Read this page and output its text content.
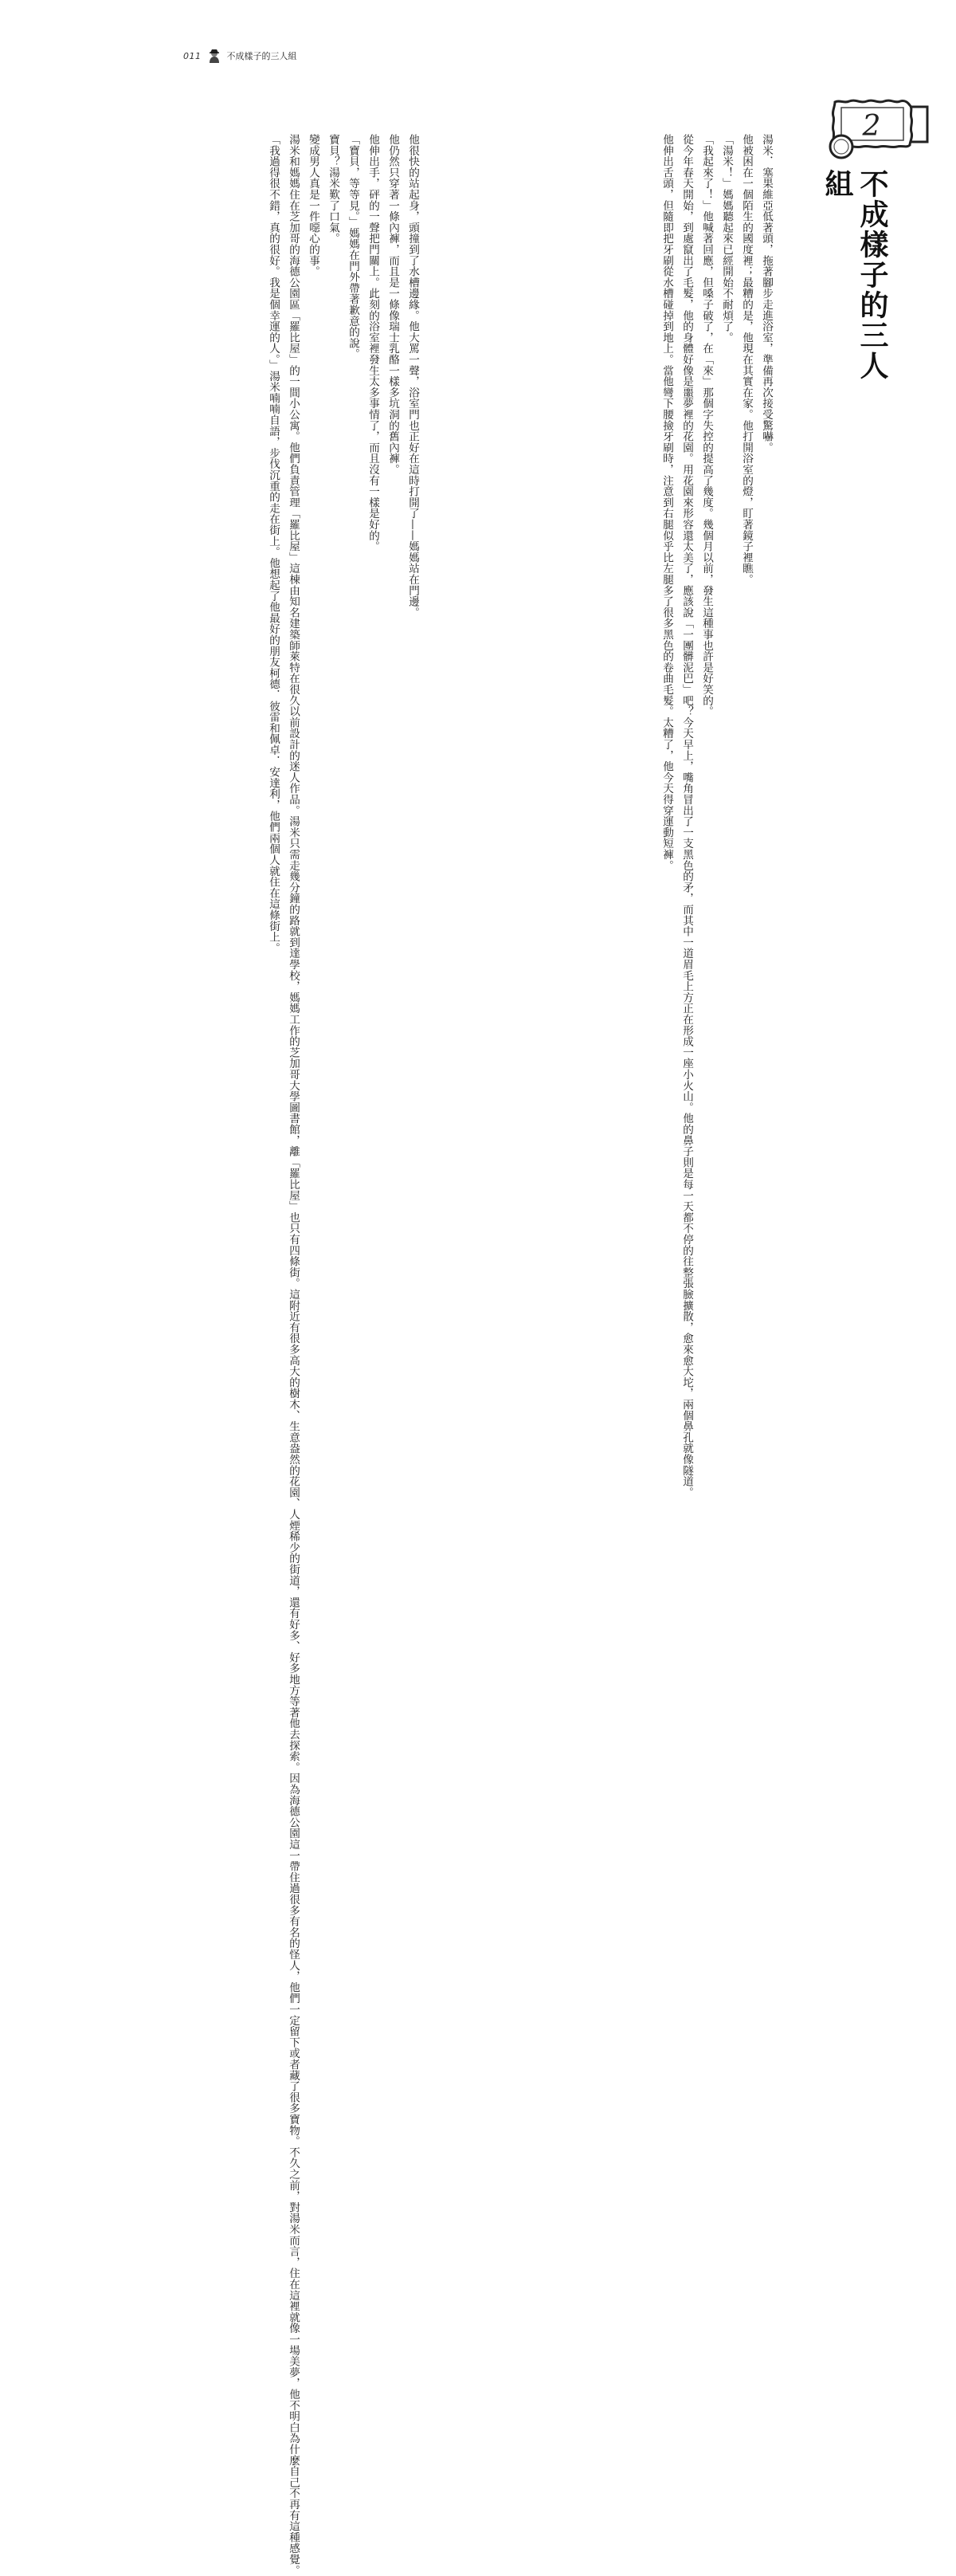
011	不成樣子的三人組

他很快的站起身，頭撞到了水槽邊緣。他大罵一聲，浴室門也正好在這時打開了——媽媽站在門邊。

他仍然只穿著一條內褲，而且是一條像瑞士乳酪一樣多坑洞的舊內褲。

他伸出手，砰的一聲把門關上。此刻的浴室裡發生太多事情了，而且沒有一樣是好的。

「寶貝，等等見。」媽媽在門外帶著歉意的說。

寶貝？湯米歎了口氣。

變成男人真是一件噁心的事。

湯米和媽媽住在芝加哥的海德公園區「羅比屋」的一間小公寓。他們負責管理「羅比屋」這棟由知名建築師萊特在很久以前設計的迷人作品。湯米只需走幾分鐘的路就到達學校，媽媽工作的芝加哥大學圖書館，離「羅比屋」也只有四條街。這附近有很多高大的樹木、生意盎然的花園、人煙稀少的街道，還有好多、好多地方等著他去探索。因為海德公園這一帶住過很多有名的怪人，他們一定留下或者藏了很多寶物。不久之前，對湯米而言，住在這裡就像一場美夢，他不明白為什麼自己不再有這種感覺。

「我過得很不錯，真的很好。我是個幸運的人。」湯米喃喃自語，步伐沉重的走在街上。他想起了他最好的朋友柯德．彼雷和佩卓．安達利，他們兩個人就住在這條街上。	湯米．塞果維亞低著頭，拖著腳步走進浴室，準備再次接受驚嚇。

他被困在一個陌生的國度裡；最糟的是，他現在其實在家。他打開浴室的燈，盯著鏡子裡瞧。

「湯米！」媽媽聽起來已經開始不耐煩了。

「我起來了！」他喊著回應，但嗓子破了，在「來」那個字失控的提高了幾度。幾個月以前，發生這種事也許是好笑的。

從今年春天開始，到處竄出了毛髮，他的身體好像是噩夢裡的花園。用花園來形容還太美了，應該說「一團髒泥巴」吧？今天早上，嘴角冒出了一支黑色的矛，而其中一道眉毛上方正在形成一座小火山。他的鼻子則是每一天都不停的往整張臉擴散，愈來愈大坨，兩個鼻孔就像隧道。

他伸出舌頭，但隨即把牙刷從水槽碰掉到地上。當他彎下腰撿牙刷時，注意到右腿似乎比左腿多了很多黑色的卷曲毛髮。太糟了，他今天得穿運動短褲。

2
不成樣子的三人組
